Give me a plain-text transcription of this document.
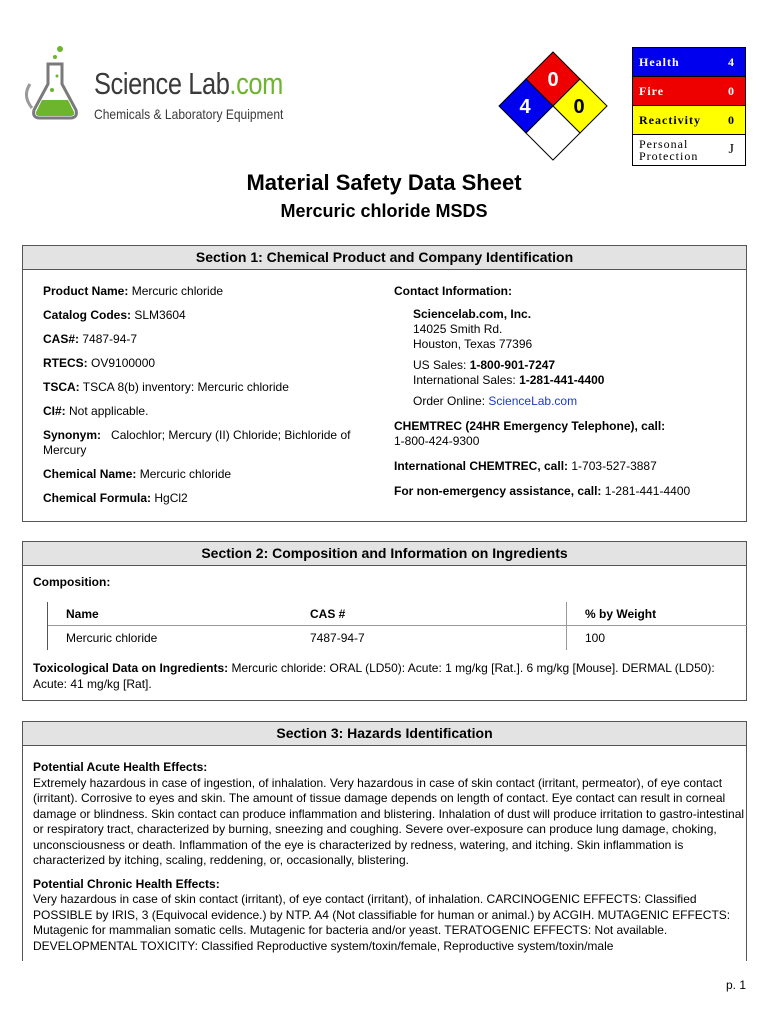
Science Lab.com
Chemicals & Laboratory Equipment
0
4 0
Health	4
Fire	0
Reactivity 0
Personal
Protection J
Material Safety Data Sheet
Mercuric chloride MSDS
Section 1: Chemical Product and Company Identification
Product Name: Mercuric chloride
Catalog Codes: SLM3604
CAS#: 7487-94-7
RTECS: OV9100000
TSCA: TSCA 8(b) inventory: Mercuric chloride
CI#: Not applicable.
Synonym: Calochlor; Mercury (II) Chloride; Bichloride of Mercury
Chemical Name: Mercuric chloride
Chemical Formula: HgCl2
Contact Information:
Sciencelab.com, Inc.
14025 Smith Rd.
Houston, Texas 77396
US Sales: 1-800-901-7247
International Sales: 1-281-441-4400
Order Online: ScienceLab.com
CHEMTREC (24HR Emergency Telephone), call:
1-800-424-9300
International CHEMTREC, call: 1-703-527-3887
For non-emergency assistance, call: 1-281-441-4400
Section 2: Composition and Information on Ingredients
Composition:
Name	CAS #	% by Weight
Mercuric chloride	7487-94-7	100
Toxicological Data on Ingredients: Mercuric chloride: ORAL (LD50): Acute: 1 mg/kg [Rat.]. 6 mg/kg [Mouse]. DERMAL (LD50): Acute: 41 mg/kg [Rat].
Section 3: Hazards Identification
Potential Acute Health Effects:
Extremely hazardous in case of ingestion, of inhalation. Very hazardous in case of skin contact (irritant, permeator), of eye contact (irritant). Corrosive to eyes and skin. The amount of tissue damage depends on length of contact. Eye contact can result in corneal damage or blindness. Skin contact can produce inflammation and blistering. Inhalation of dust will produce irritation to gastro-intestinal or respiratory tract, characterized by burning, sneezing and coughing. Severe over-exposure can produce lung damage, choking, unconsciousness or death. Inflammation of the eye is characterized by redness, watering, and itching. Skin inflammation is characterized by itching, scaling, reddening, or, occasionally, blistering.
Potential Chronic Health Effects:
Very hazardous in case of skin contact (irritant), of eye contact (irritant), of inhalation. CARCINOGENIC EFFECTS: Classified POSSIBLE by IRIS, 3 (Equivocal evidence.) by NTP. A4 (Not classifiable for human or animal.) by ACGIH. MUTAGENIC EFFECTS: Mutagenic for mammalian somatic cells. Mutagenic for bacteria and/or yeast. TERATOGENIC EFFECTS: Not available. DEVELOPMENTAL TOXICITY: Classified Reproductive system/toxin/female, Reproductive system/toxin/male
p. 1
